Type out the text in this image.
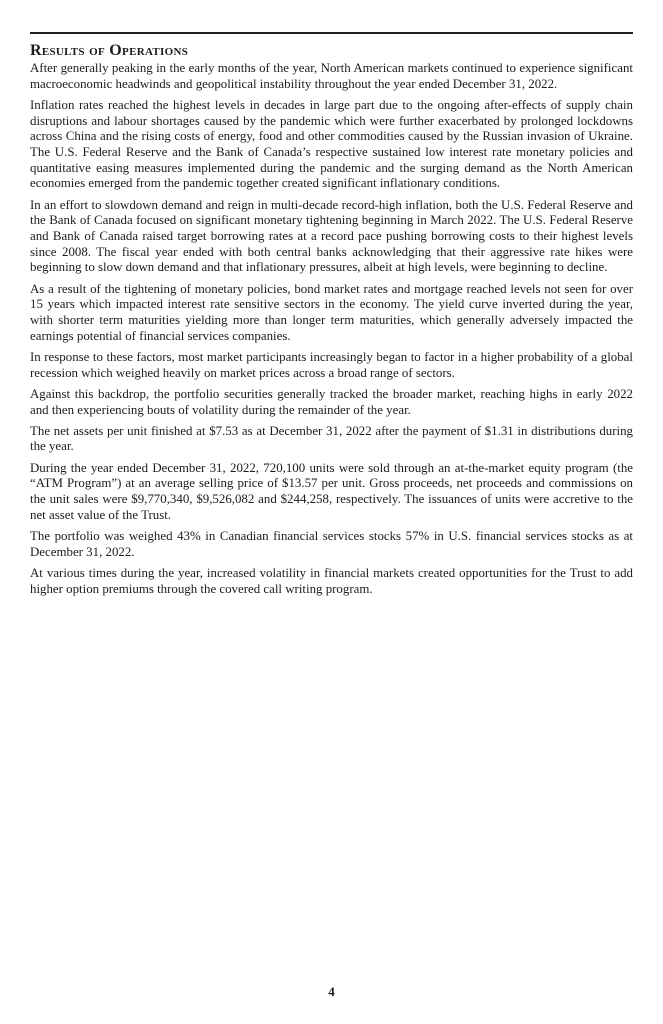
Results of Operations

After generally peaking in the early months of the year, North American markets continued to experience significant macroeconomic headwinds and geopolitical instability throughout the year ended December 31, 2022.

Inflation rates reached the highest levels in decades in large part due to the ongoing after-effects of supply chain disruptions and labour shortages caused by the pandemic which were further exacerbated by prolonged lockdowns across China and the rising costs of energy, food and other commodities caused by the Russian invasion of Ukraine. The U.S. Federal Reserve and the Bank of Canada’s respective sustained low interest rate monetary policies and quantitative easing measures implemented during the pandemic and the surging demand as the North American economies emerged from the pandemic together created significant inflationary conditions.

In an effort to slowdown demand and reign in multi-decade record-high inflation, both the U.S. Federal Reserve and the Bank of Canada focused on significant monetary tightening beginning in March 2022. The U.S. Federal Reserve and Bank of Canada raised target borrowing rates at a record pace pushing borrowing costs to their highest levels since 2008. The fiscal year ended with both central banks acknowledging that their aggressive rate hikes were beginning to slow down demand and that inflationary pressures, albeit at high levels, were beginning to decline.

As a result of the tightening of monetary policies, bond market rates and mortgage reached levels not seen for over 15 years which impacted interest rate sensitive sectors in the economy. The yield curve inverted during the year, with shorter term maturities yielding more than longer term maturities, which generally adversely impacted the earnings potential of financial services companies.

In response to these factors, most market participants increasingly began to factor in a higher probability of a global recession which weighed heavily on market prices across a broad range of sectors.

Against this backdrop, the portfolio securities generally tracked the broader market, reaching highs in early 2022 and then experiencing bouts of volatility during the remainder of the year.

The net assets per unit finished at $7.53 as at December 31, 2022 after the payment of $1.31 in distributions during the year.

During the year ended December 31, 2022, 720,100 units were sold through an at-the-market equity program (the “ATM Program”) at an average selling price of $13.57 per unit. Gross proceeds, net proceeds and commissions on the unit sales were $9,770,340, $9,526,082 and $244,258, respectively. The issuances of units were accretive to the net asset value of the Trust.

The portfolio was weighed 43% in Canadian financial services stocks 57% in U.S. financial services stocks as at December 31, 2022.

At various times during the year, increased volatility in financial markets created opportunities for the Trust to add higher option premiums through the covered call writing program.

4
